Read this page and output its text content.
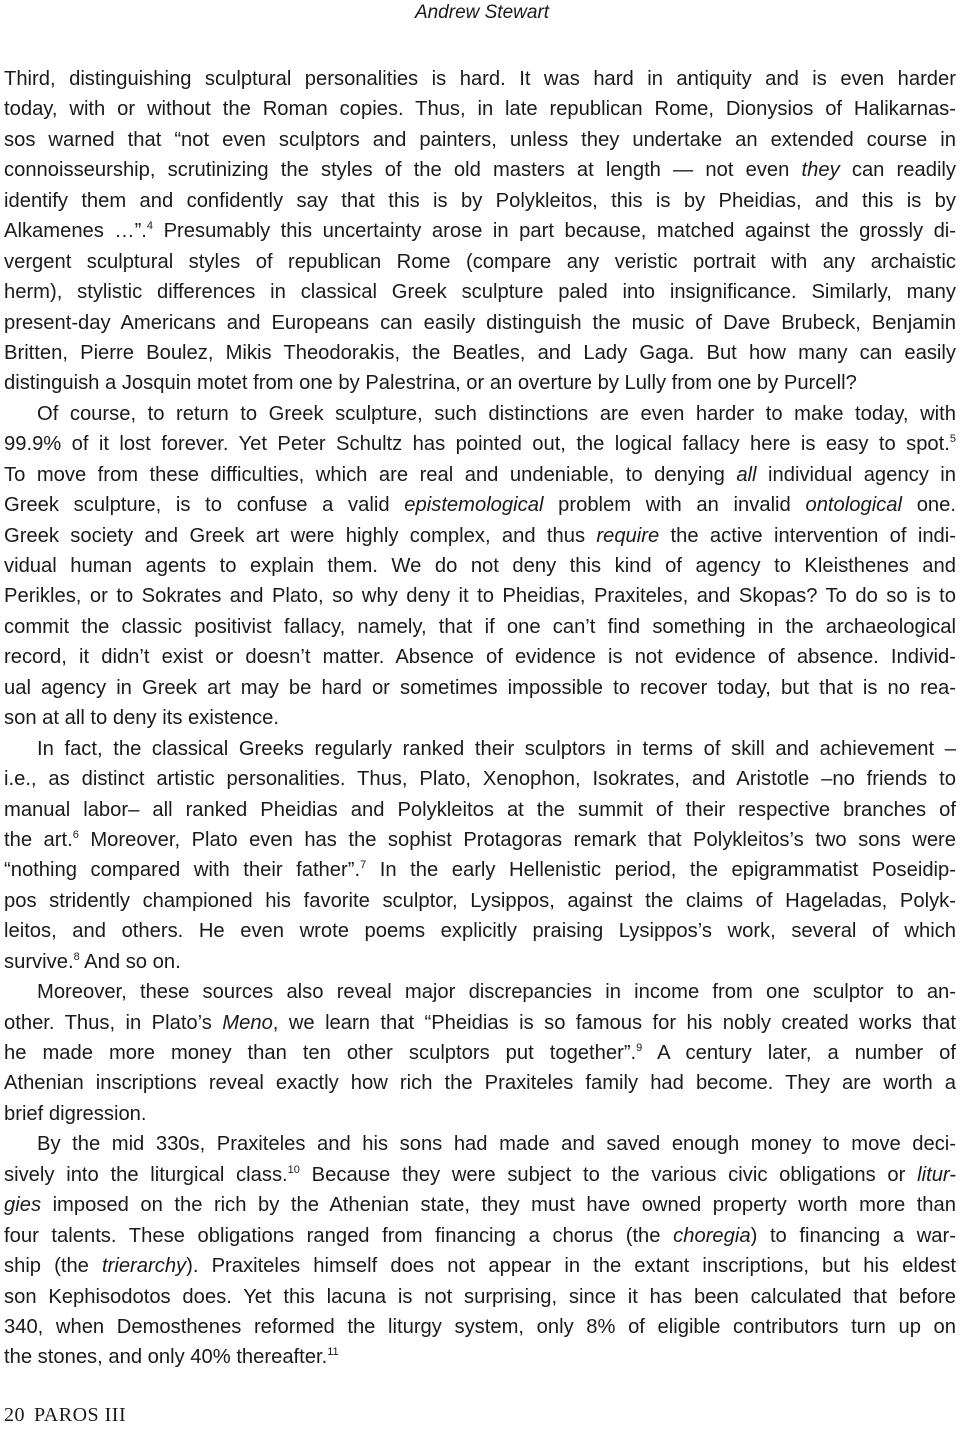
Andrew Stewart
Third, distinguishing sculptural personalities is hard. It was hard in antiquity and is even harder
today, with or without the Roman copies. Thus, in late republican Rome, Dionysios of Halikarnas-
sos warned that “not even sculptors and painters, unless they undertake an extended course in
connoisseurship, scrutinizing the styles of the old masters at length — not even they can readily
identify them and confidently say that this is by Polykleitos, this is by Pheidias, and this is by
Alkamenes …”.$^4$ Presumably this uncertainty arose in part because, matched against the grossly di-
vergent sculptural styles of republican Rome (compare any veristic portrait with any archaistic
herm), stylistic differences in classical Greek sculpture paled into insignificance. Similarly, many
present-day Americans and Europeans can easily distinguish the music of Dave Brubeck, Benjamin
Britten, Pierre Boulez, Mikis Theodorakis, the Beatles, and Lady Gaga. But how many can easily
distinguish a Josquin motet from one by Palestrina, or an overture by Lully from one by Purcell?
Of course, to return to Greek sculpture, such distinctions are even harder to make today, with
99.9% of it lost forever. Yet Peter Schultz has pointed out, the logical fallacy here is easy to spot.$^5$
To move from these difficulties, which are real and undeniable, to denying all individual agency in
Greek sculpture, is to confuse a valid epistemological problem with an invalid ontological one.
Greek society and Greek art were highly complex, and thus require the active intervention of indi-
vidual human agents to explain them. We do not deny this kind of agency to Kleisthenes and
Perikles, or to Sokrates and Plato, so why deny it to Pheidias, Praxiteles, and Skopas? To do so is to
commit the classic positivist fallacy, namely, that if one can’t find something in the archaeological
record, it didn’t exist or doesn’t matter. Absence of evidence is not evidence of absence. Individ-
ual agency in Greek art may be hard or sometimes impossible to recover today, but that is no rea-
son at all to deny its existence.
In fact, the classical Greeks regularly ranked their sculptors in terms of skill and achievement –
i.e., as distinct artistic personalities. Thus, Plato, Xenophon, Isokrates, and Aristotle –no friends to
manual labor– all ranked Pheidias and Polykleitos at the summit of their respective branches of
the art.$^6$ Moreover, Plato even has the sophist Protagoras remark that Polykleitos’s two sons were
“nothing compared with their father”.$^7$ In the early Hellenistic period, the epigrammatist Poseidip-
pos stridently championed his favorite sculptor, Lysippos, against the claims of Hageladas, Polyk-
leitos, and others. He even wrote poems explicitly praising Lysippos’s work, several of which
survive.$^8$ And so on.
Moreover, these sources also reveal major discrepancies in income from one sculptor to an-
other. Thus, in Plato’s Meno, we learn that “Pheidias is so famous for his nobly created works that
he made more money than ten other sculptors put together”.$^9$ A century later, a number of
Athenian inscriptions reveal exactly how rich the Praxiteles family had become. They are worth a
brief digression.
By the mid 330s, Praxiteles and his sons had made and saved enough money to move deci-
sively into the liturgical class.$^{10}$ Because they were subject to the various civic obligations or litur-
gies imposed on the rich by the Athenian state, they must have owned property worth more than
four talents. These obligations ranged from financing a chorus (the choregia) to financing a war-
ship (the trierarchy). Praxiteles himself does not appear in the extant inscriptions, but his eldest
son Kephisodotos does. Yet this lacuna is not surprising, since it has been calculated that before
340, when Demosthenes reformed the liturgy system, only 8% of eligible contributors turn up on
the stones, and only 40% thereafter.$^{11}$
20 PAROS III
